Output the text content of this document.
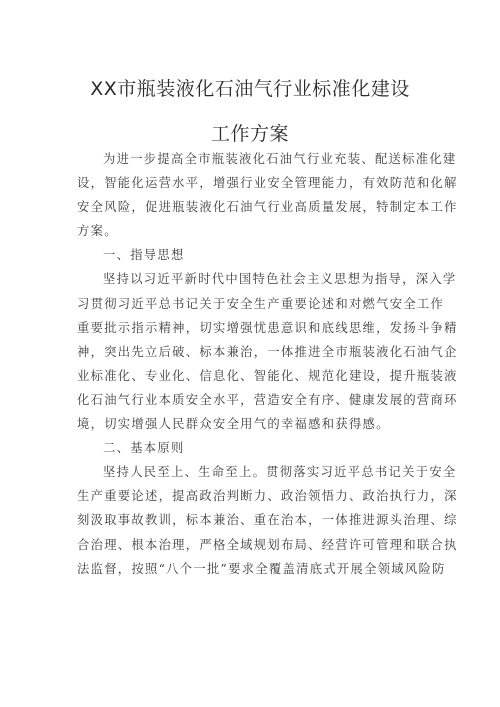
XX市瓶装液化石油气行业标准化建设
工作方案
为进一步提高全市瓶装液化石油气行业充装、配送标准化建
设，智能化运营水平，增强行业安全管理能力，有效防范和化解
安全风险，促进瓶装液化石油气行业高质量发展，特制定本工作
方案。
一、指导思想
坚持以习近平新时代中国特色社会主义思想为指导，深入学
习贯彻习近平总书记关于安全生产重要论述和对燃气安全工作
重要批示指示精神，切实增强忧患意识和底线思维，发扬斗争精
神，突出先立后破、标本兼治，一体推进全市瓶装液化石油气企
业标准化、专业化、信息化、智能化、规范化建设，提升瓶装液
化石油气行业本质安全水平，营造安全有序、健康发展的营商环
境，切实增强人民群众安全用气的幸福感和获得感。
二、基本原则
坚持人民至上、生命至上。贯彻落实习近平总书记关于安全
生产重要论述，提高政治判断力、政治领悟力、政治执行力，深
刻汲取事故教训，标本兼治、重在治本，一体推进源头治理、综
合治理、根本治理，严格全域规划布局、经营许可管理和联合执
法监督，按照“八个一批”要求全覆盖清底式开展全领域风险防
